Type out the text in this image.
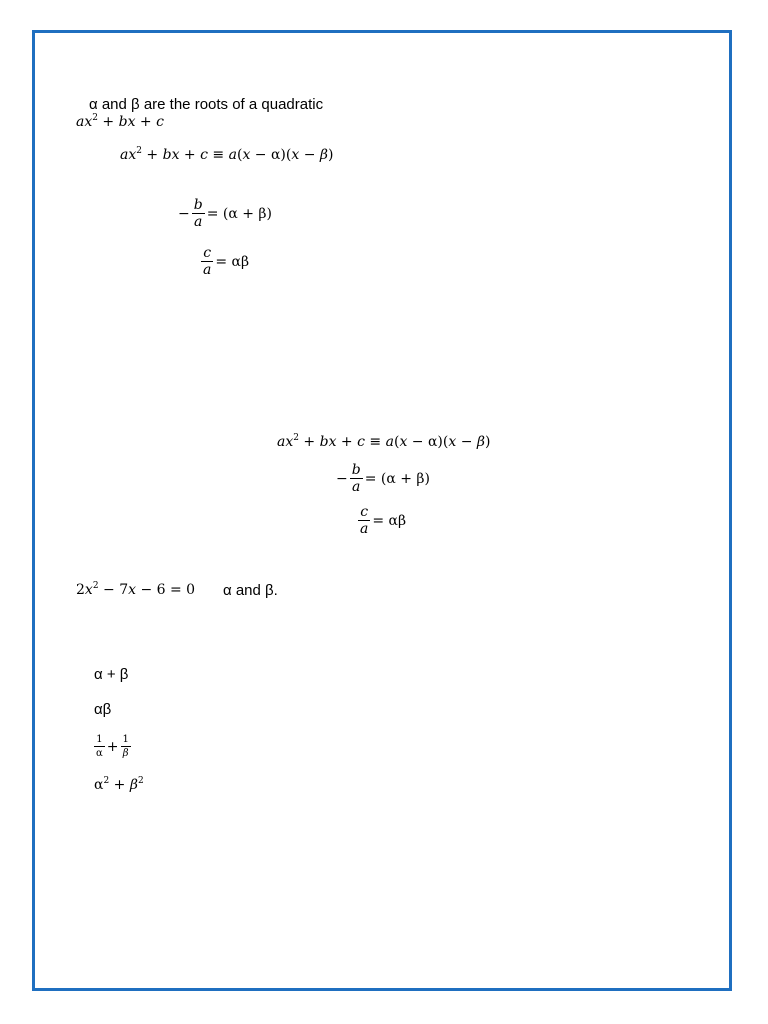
α and β are the roots of a quadratic
$ax^2$ + bx + c
$ax^2$ + bx + c ≡ a(x − α)(x − β)
− $\frac{b}{a} = (\alpha + \beta)$
$\frac{c}{a} = \alpha\beta$
$ax^2$ + bx + c ≡ a(x − α)(x − β)
− $\frac{b}{a} = (\alpha + \beta)$
$\frac{c}{a} = \alpha\beta$
$2x^2 - 7x - 6 = 0$ α and β.
α + β
αβ
$\frac{1}{\alpha} + \frac{1}{\beta}$
$\alpha^2 + \beta^2$
